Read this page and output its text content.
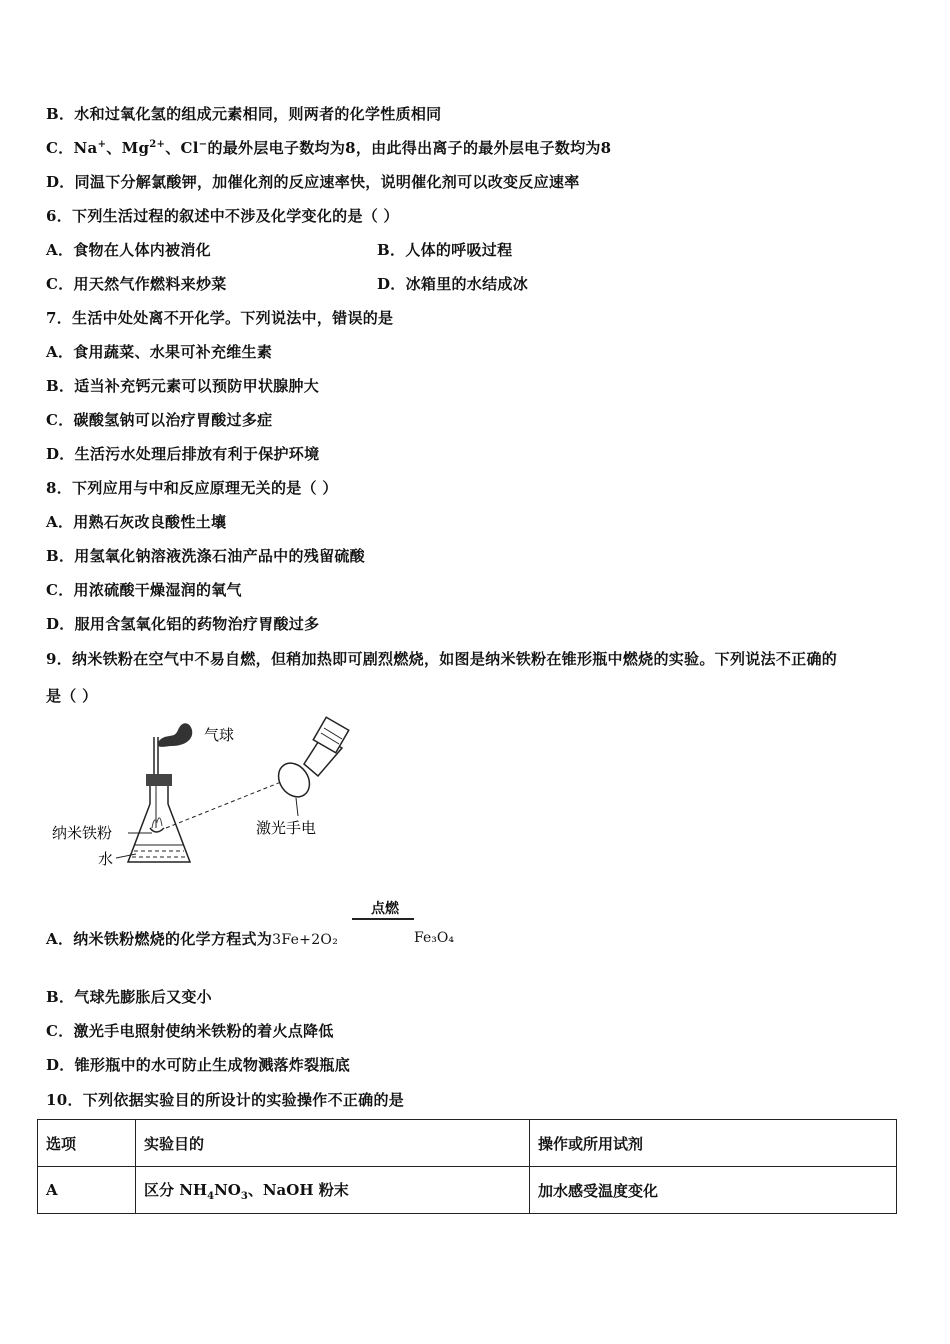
B．水和过氧化氢的组成元素相同，则两者的化学性质相同
C．Na+、$Mg^{2+}$、Cl−的最外层电子数均为8，由此得出离子的最外层电子数均为8
D．同温下分解氯酸钾，加催化剂的反应速率快，说明催化剂可以改变反应速率
6．下列生活过程的叙述中不涉及化学变化的是（ ）
A．食物在人体内被消化	B．人体的呼吸过程
C．用天然气作燃料来炒菜	D．冰箱里的水结成冰
7．生活中处处离不开化学。下列说法中，错误的是
A．食用蔬菜、水果可补充维生素
B．适当补充钙元素可以预防甲状腺肿大
C．碳酸氢钠可以治疗胃酸过多症
D．生活污水处理后排放有利于保护环境
8．下列应用与中和反应原理无关的是（ ）
A．用熟石灰改良酸性土壤
B．用氢氧化钠溶液洗涤石油产品中的残留硫酸
C．用浓硫酸干燥湿润的氧气
D．服用含氢氧化铝的药物治疗胃酸过多
9．纳米铁粉在空气中不易自燃，但稍加热即可剧烈燃烧，如图是纳米铁粉在锥形瓶中燃烧的实验。下列说法不正确的
是（ ）
气球
激光手电
纳米铁粉
水
A．纳米铁粉燃烧的化学方程式为3Fe+2O₂
点燃
Fe₃O₄
B．气球先膨胀后又变小
C．激光手电照射使纳米铁粉的着火点降低
D．锥形瓶中的水可防止生成物溅落炸裂瓶底
10．下列依据实验目的所设计的实验操作不正确的是
选项	实验目的	操作或所用试剂
A	区分 $NH_4NO_3$、NaOH 粉末	加水感受温度变化
